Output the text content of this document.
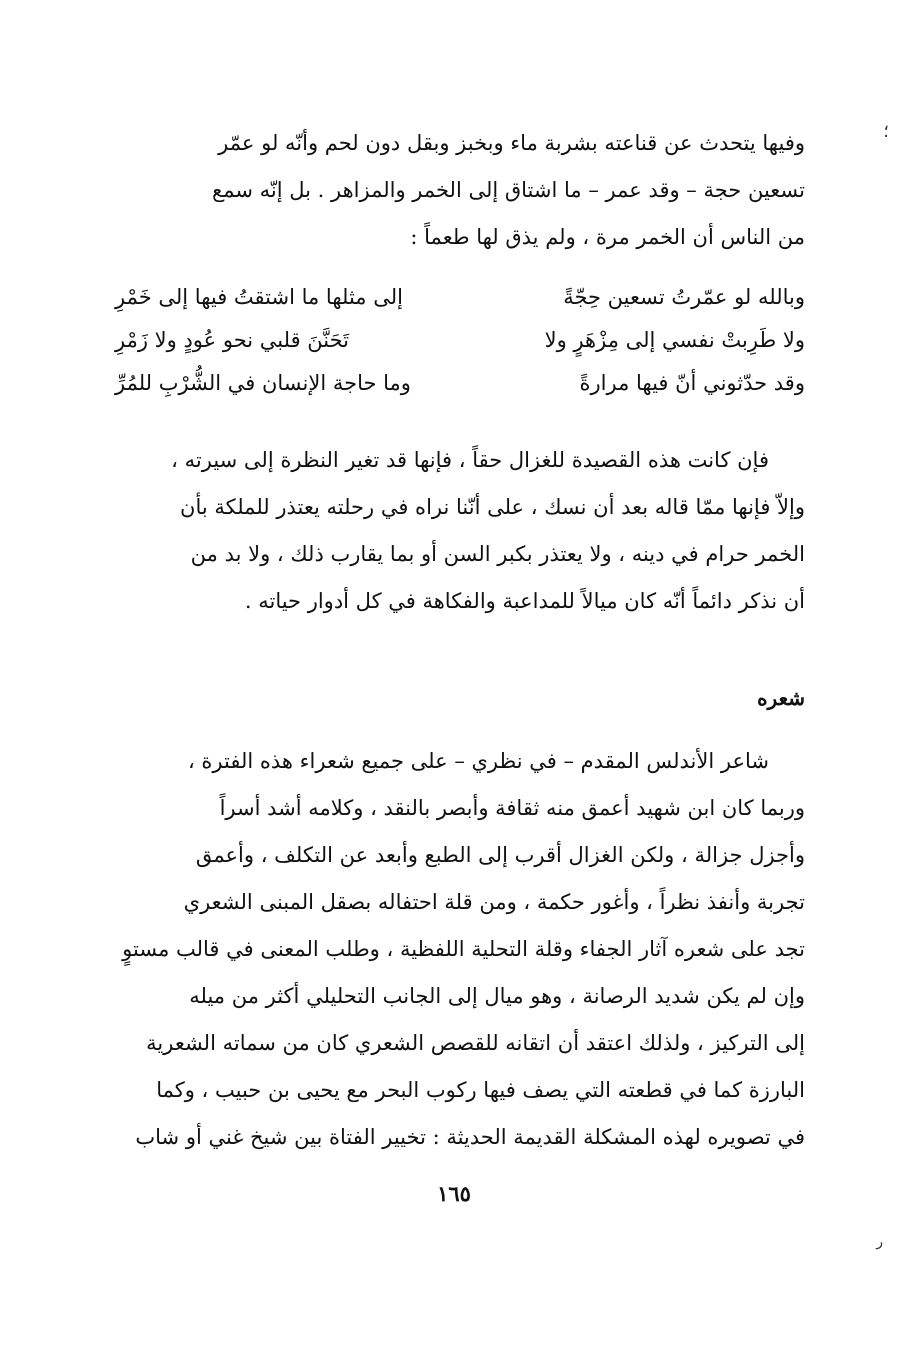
؛
وفيها يتحدث عن قناعته بشربة ماء وبخبز وبقل دون لحم وأنّه لو عمّر
تسعين حجة – وقد عمر – ما اشتاق إلى الخمر والمزاهر . بل إنّه سمع
من الناس أن الخمر مرة ، ولم يذق لها طعماً :
وبالله لو عمّرتُ تسعين حِجّةً
إلى مثلها ما اشتقتُ فيها إلى خَمْرِ
ولا طَرِبتْ نفسي إلى مِزْهَرٍ ولا
تَحَنَّنَ قلبي نحو عُودٍ ولا زَمْرِ
وقد حدّثوني أنّ فيها مرارةً
وما حاجة الإنسان في الشُّرْبِ للمُرِّ
فإن كانت هذه القصيدة للغزال حقاً ، فإنها قد تغير النظرة إلى سيرته ،
وإلاّ فإنها ممّا قاله بعد أن نسك ، على أنّنا نراه في رحلته يعتذر للملكة بأن
الخمر حرام في دينه ، ولا يعتذر بكبر السن أو بما يقارب ذلك ، ولا بد من
أن نذكر دائماً أنّه كان ميالاً للمداعبة والفكاهة في كل أدوار حياته .
شعره
شاعر الأندلس المقدم – في نظري – على جميع شعراء هذه الفترة ،
وربما كان ابن شهيد أعمق منه ثقافة وأبصر بالنقد ، وكلامه أشد أسراً
وأجزل جزالة ، ولكن الغزال أقرب إلى الطبع وأبعد عن التكلف ، وأعمق
تجربة وأنفذ نظراً ، وأغور حكمة ، ومن قلة احتفاله بصقل المبنى الشعري
تجد على شعره آثار الجفاء وقلة التحلية اللفظية ، وطلب المعنى في قالب مستوٍ
وإن لم يكن شديد الرصانة ، وهو ميال إلى الجانب التحليلي أكثر من ميله
إلى التركيز ، ولذلك اعتقد أن اتقانه للقصص الشعري كان من سماته الشعرية
البارزة كما في قطعته التي يصف فيها ركوب البحر مع يحيى بن حبيب ، وكما
في تصويره لهذه المشكلة القديمة الحديثة : تخيير الفتاة بين شيخ غني أو شاب
١٦٥
ر
